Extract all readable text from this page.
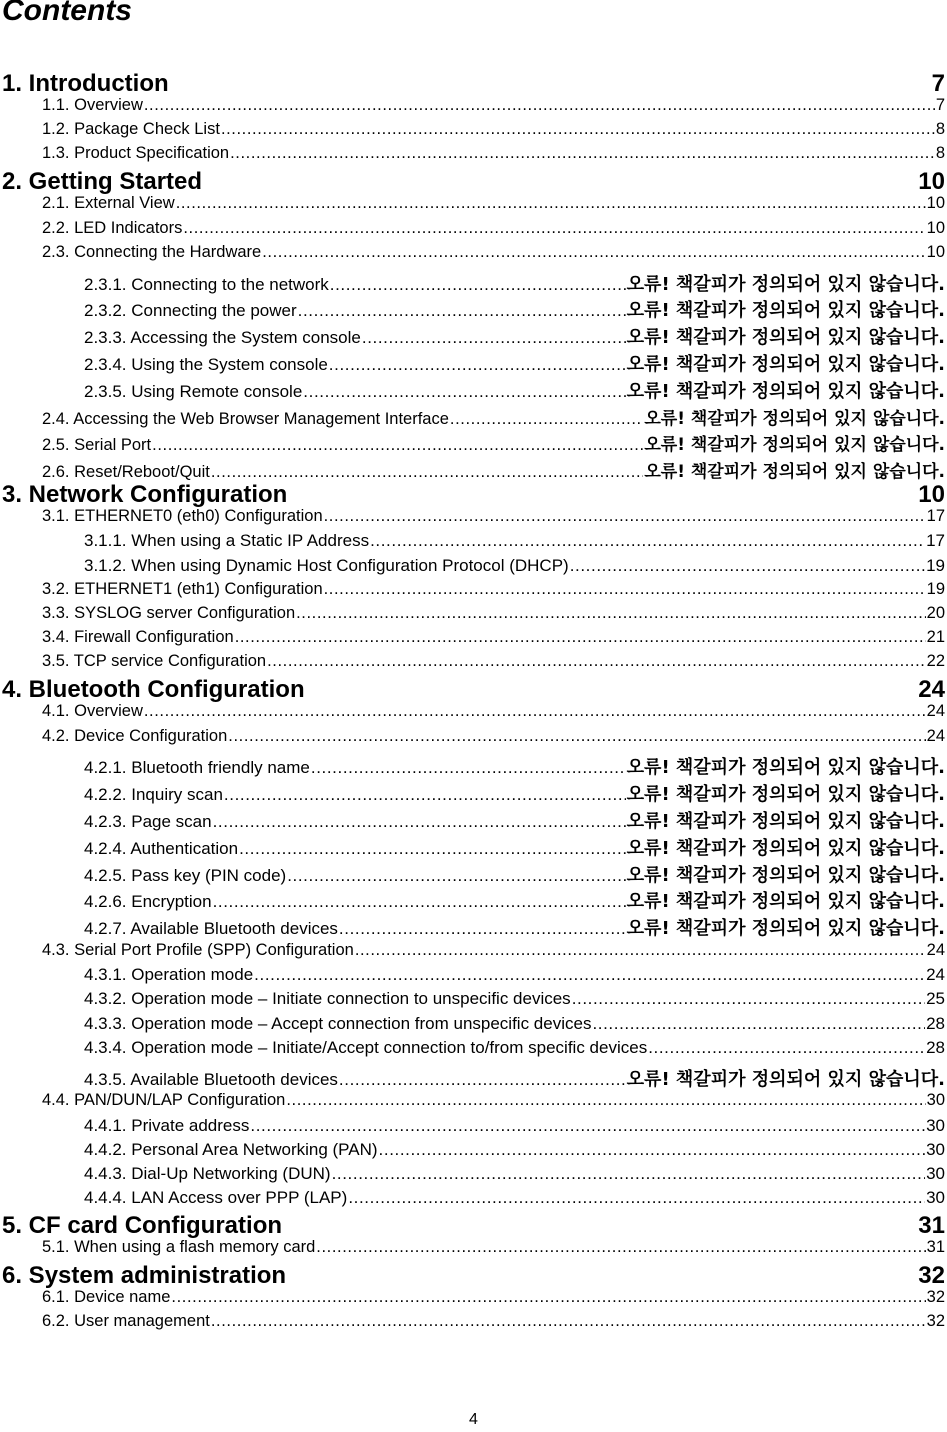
Contents
1. Introduction	7
1.1. Overview .....	7
1.2. Package Check List .....	8
1.3. Product Specification .....	8
2. Getting Started	10
2.1. External View .....	10
2.2. LED Indicators .....	10
2.3. Connecting the Hardware .....	10
2.3.1. Connecting to the network .....	오류! 책갈피가 정의되어 있지 않습니다.
2.3.2. Connecting the power .....	오류! 책갈피가 정의되어 있지 않습니다.
2.3.3. Accessing the System console .....	오류! 책갈피가 정의되어 있지 않습니다.
2.3.4. Using the System console .....	오류! 책갈피가 정의되어 있지 않습니다.
2.3.5. Using Remote console .....	오류! 책갈피가 정의되어 있지 않습니다.
2.4. Accessing the Web Browser Management Interface .....	오류! 책갈피가 정의되어 있지 않습니다.
2.5. Serial Port .....	오류! 책갈피가 정의되어 있지 않습니다.
2.6. Reset/Reboot/Quit .....	오류! 책갈피가 정의되어 있지 않습니다.
3. Network Configuration	10
3.1. ETHERNET0 (eth0) Configuration .....	17
3.1.1. When using a Static IP Address .....	17
3.1.2. When using Dynamic Host Configuration Protocol (DHCP) .....	19
3.2. ETHERNET1 (eth1) Configuration .....	19
3.3. SYSLOG server Configuration .....	20
3.4. Firewall Configuration .....	21
3.5. TCP service Configuration .....	22
4. Bluetooth Configuration	24
4.1. Overview .....	24
4.2. Device Configuration .....	24
4.2.1. Bluetooth friendly name .....	오류! 책갈피가 정의되어 있지 않습니다.
4.2.2. Inquiry scan .....	오류! 책갈피가 정의되어 있지 않습니다.
4.2.3. Page scan .....	오류! 책갈피가 정의되어 있지 않습니다.
4.2.4. Authentication .....	오류! 책갈피가 정의되어 있지 않습니다.
4.2.5. Pass key (PIN code) .....	오류! 책갈피가 정의되어 있지 않습니다.
4.2.6. Encryption .....	오류! 책갈피가 정의되어 있지 않습니다.
4.2.7. Available Bluetooth devices .....	오류! 책갈피가 정의되어 있지 않습니다.
4.3. Serial Port Profile (SPP) Configuration .....	24
4.3.1. Operation mode .....	24
4.3.2. Operation mode – Initiate connection to unspecific devices .....	25
4.3.3. Operation mode – Accept connection from unspecific devices .....	28
4.3.4. Operation mode – Initiate/Accept connection to/from specific devices .....	28
4.3.5. Available Bluetooth devices .....	오류! 책갈피가 정의되어 있지 않습니다.
4.4. PAN/DUN/LAP Configuration .....	30
4.4.1. Private address .....	30
4.4.2. Personal Area Networking (PAN) .....	30
4.4.3. Dial-Up Networking (DUN) .....	30
4.4.4. LAN Access over PPP (LAP) .....	30
5. CF card Configuration	31
5.1. When using a flash memory card .....	31
6. System administration	32
6.1. Device name .....	32
6.2. User management .....	32
4
